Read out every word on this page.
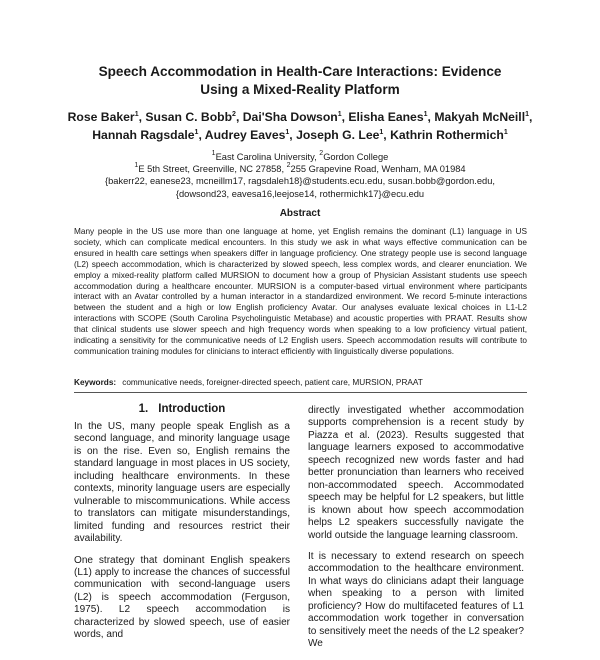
Speech Accommodation in Health-Care Interactions: Evidence
Using a Mixed-Reality Platform
Rose Baker$^1$, Susan C. Bobb$^2$, Dai'Sha Dowson$^1$, Elisha Eanes$^1$, Makyah McNeill$^1$, Hannah Ragsdale$^1$, Audrey Eaves$^1$, Joseph G. Lee$^1$, Kathrin Rothermich$^1$
$^1$East Carolina University, $^2$Gordon College
$^1$E 5th Street, Greenville, NC 27858, $^2$255 Grapevine Road, Wenham, MA 01984
{bakerr22, eanese23, mcneillm17, ragsdaleh18}@students.ecu.edu, susan.bobb@gordon.edu,
{dowsond23, eavesa16,leejose14, rothermichk17}@ecu.edu
Abstract
Many people in the US use more than one language at home, yet English remains the dominant (L1) language in US society, which can complicate medical encounters. In this study we ask in what ways effective communication can be ensured in health care settings when speakers differ in language proficiency. One strategy people use is second language (L2) speech accommodation, which is characterized by slowed speech, less complex words, and clearer enunciation. We employ a mixed-reality platform called MURSION to document how a group of Physician Assistant students use speech accommodation during a healthcare encounter. MURSION is a computer-based virtual environment where participants interact with an Avatar controlled by a human interactor in a standardized environment. We record 5-minute interactions between the student and a high or low English proficiency Avatar. Our analyses evaluate lexical choices in L1-L2 interactions with SCOPE (South Carolina Psycholinguistic Metabase) and acoustic properties with PRAAT. Results show that clinical students use slower speech and high frequency words when speaking to a low proficiency virtual patient, indicating a sensitivity for the communicative needs of L2 English users. Speech accommodation results will contribute to communication training modules for clinicians to interact efficiently with linguistically diverse populations.
Keywords: communicative needs, foreigner-directed speech, patient care, MURSION, PRAAT
1. Introduction

In the US, many people speak English as a second language, and minority language usage is on the rise. Even so, English remains the standard language in most places in US society, including healthcare environments. In these contexts, minority language users are especially vulnerable to miscommunications. While access to translators can mitigate misunderstandings, limited funding and resources restrict their availability.

One strategy that dominant English speakers (L1) apply to increase the chances of successful communication with second-language users (L2) is speech accommodation (Ferguson, 1975). L2 speech accommodation is characterized by slowed speech, use of easier words, and

directly investigated whether accommodation supports comprehension is a recent study by Piazza et al. (2023). Results suggested that language learners exposed to accommodative speech recognized new words faster and had better pronunciation than learners who received non-accommodated speech. Accommodated speech may be helpful for L2 speakers, but little is known about how speech accommodation helps L2 speakers successfully navigate the world outside the language learning classroom.

It is necessary to extend research on speech accommodation to the healthcare environment. In what ways do clinicians adapt their language when speaking to a person with limited proficiency? How do multifaceted features of L1 accommodation work together in conversation to sensitively meet the needs of the L2 speaker? We
